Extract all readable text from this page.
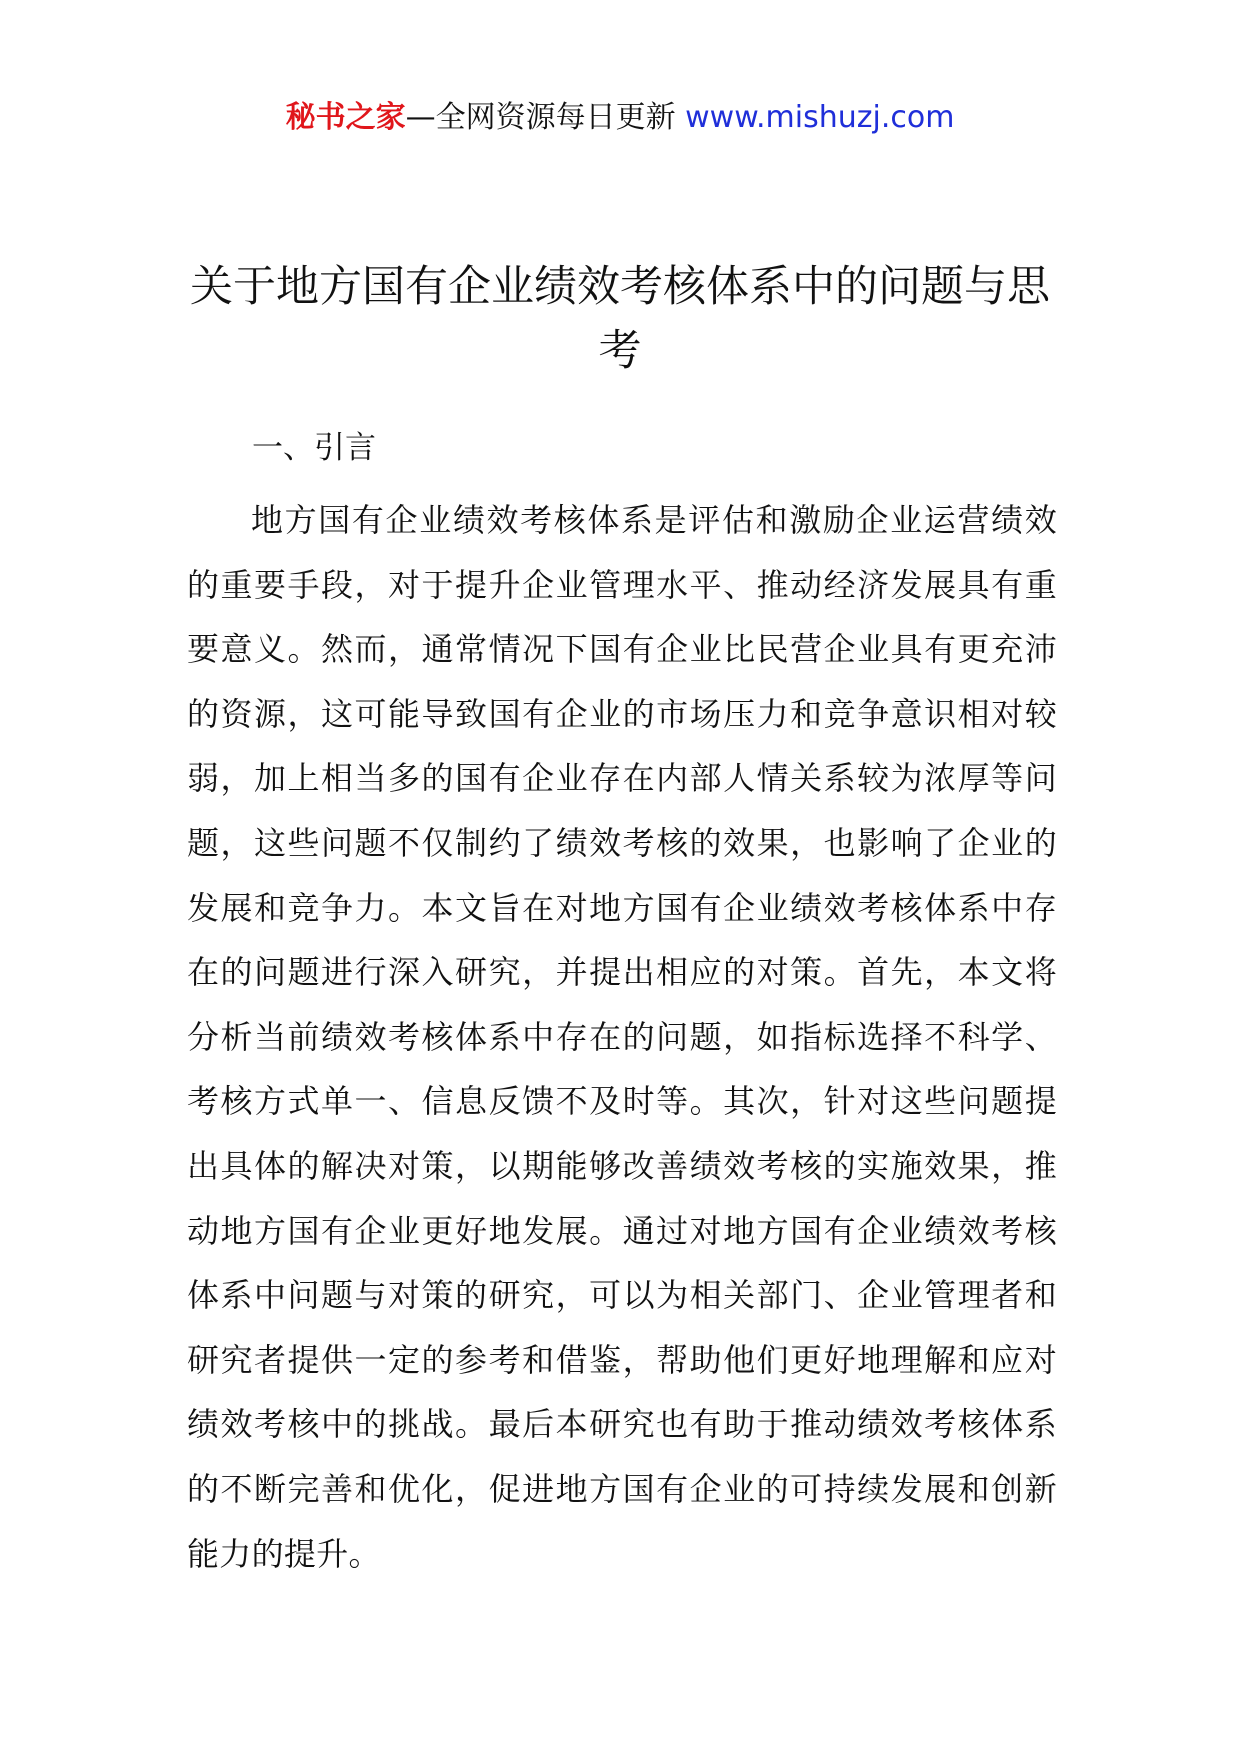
秘书之家—全网资源每日更新 www.mishuzj.com
关于地方国有企业绩效考核体系中的问题与思考
一、引言

地方国有企业绩效考核体系是评估和激励企业运营绩效的重要手段，对于提升企业管理水平、推动经济发展具有重要意义。然而，通常情况下国有企业比民营企业具有更充沛的资源，这可能导致国有企业的市场压力和竞争意识相对较弱，加上相当多的国有企业存在内部人情关系较为浓厚等问题，这些问题不仅制约了绩效考核的效果，也影响了企业的发展和竞争力。本文旨在对地方国有企业绩效考核体系中存在的问题进行深入研究，并提出相应的对策。首先，本文将分析当前绩效考核体系中存在的问题，如指标选择不科学、考核方式单一、信息反馈不及时等。其次，针对这些问题提出具体的解决对策，以期能够改善绩效考核的实施效果，推动地方国有企业更好地发展。通过对地方国有企业绩效考核体系中问题与对策的研究，可以为相关部门、企业管理者和研究者提供一定的参考和借鉴，帮助他们更好地理解和应对绩效考核中的挑战。最后本研究也有助于推动绩效考核体系的不断完善和优化，促进地方国有企业的可持续发展和创新能力的提升。
